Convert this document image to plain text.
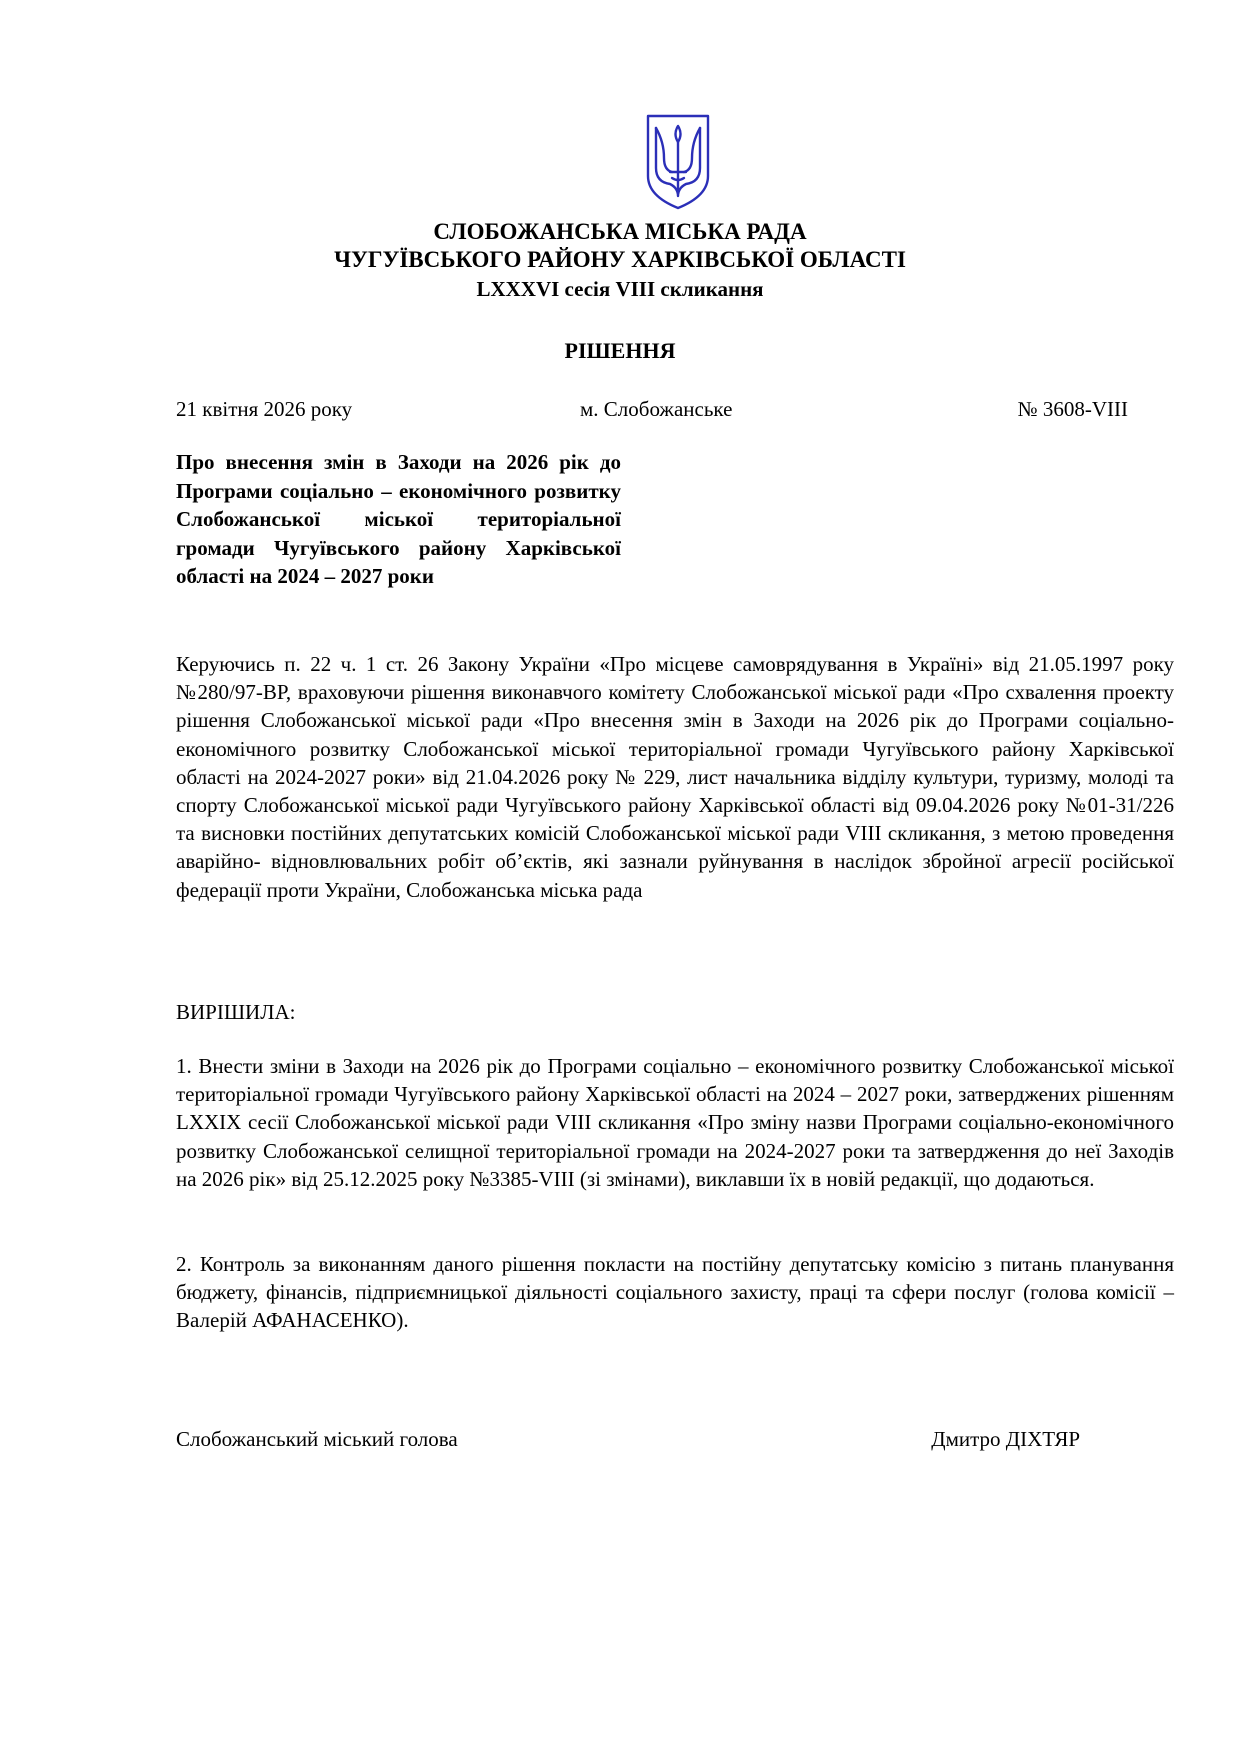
СЛОБОЖАНСЬКА МІСЬКА РАДА
ЧУГУЇВСЬКОГО РАЙОНУ ХАРКІВСЬКОЇ ОБЛАСТІ
LXXXVI сесія VIII скликання
РІШЕННЯ
21 квітня 2026 року	м. Слобожанське	№ 3608-VIII
Про внесення змін в Заходи на 2026 рік до Програми соціально – економічного розвитку Слобожанської міської територіальної громади Чугуївського району Харківської області на 2024 – 2027 роки
Керуючись п. 22 ч. 1 ст. 26 Закону України «Про місцеве самоврядування в Україні» від 21.05.1997 року №280/97-ВР, враховуючи рішення виконавчого комітету Слобожанської міської ради «Про схвалення проекту рішення Слобожанської міської ради «Про внесення змін в Заходи на 2026 рік до Програми соціально-економічного розвитку Слобожанської міської територіальної громади Чугуївського району Харківської області на 2024-2027 роки» від 21.04.2026 року № 229, лист начальника відділу культури, туризму, молоді та спорту Слобожанської міської ради Чугуївського району Харківської області від 09.04.2026 року №01-31/226 та висновки постійних депутатських комісій Слобожанської міської ради VIII скликання, з метою проведення аварійно- відновлювальних робіт об’єктів, які зазнали руйнування в наслідок збройної агресії російської федерації проти України, Слобожанська міська рада
ВИРІШИЛА:
1. Внести зміни в Заходи на 2026 рік до Програми соціально – економічного розвитку Слобожанської міської територіальної громади Чугуївського району Харківської області на 2024 – 2027 роки, затверджених рішенням LXXIX сесії Слобожанської міської ради VIII скликання «Про зміну назви Програми соціально-економічного розвитку Слобожанської селищної територіальної громади на 2024-2027 роки та затвердження до неї Заходів на 2026 рік» від 25.12.2025 року №3385-VIII (зі змінами), виклавши їх в новій редакції, що додаються.
2. Контроль за виконанням даного рішення покласти на постійну депутатську комісію з питань планування бюджету, фінансів, підприємницької діяльності соціального захисту, праці та сфери послуг (голова комісії – Валерій АФАНАСЕНКО).
Слобожанський міський голова	Дмитро ДІХТЯР
